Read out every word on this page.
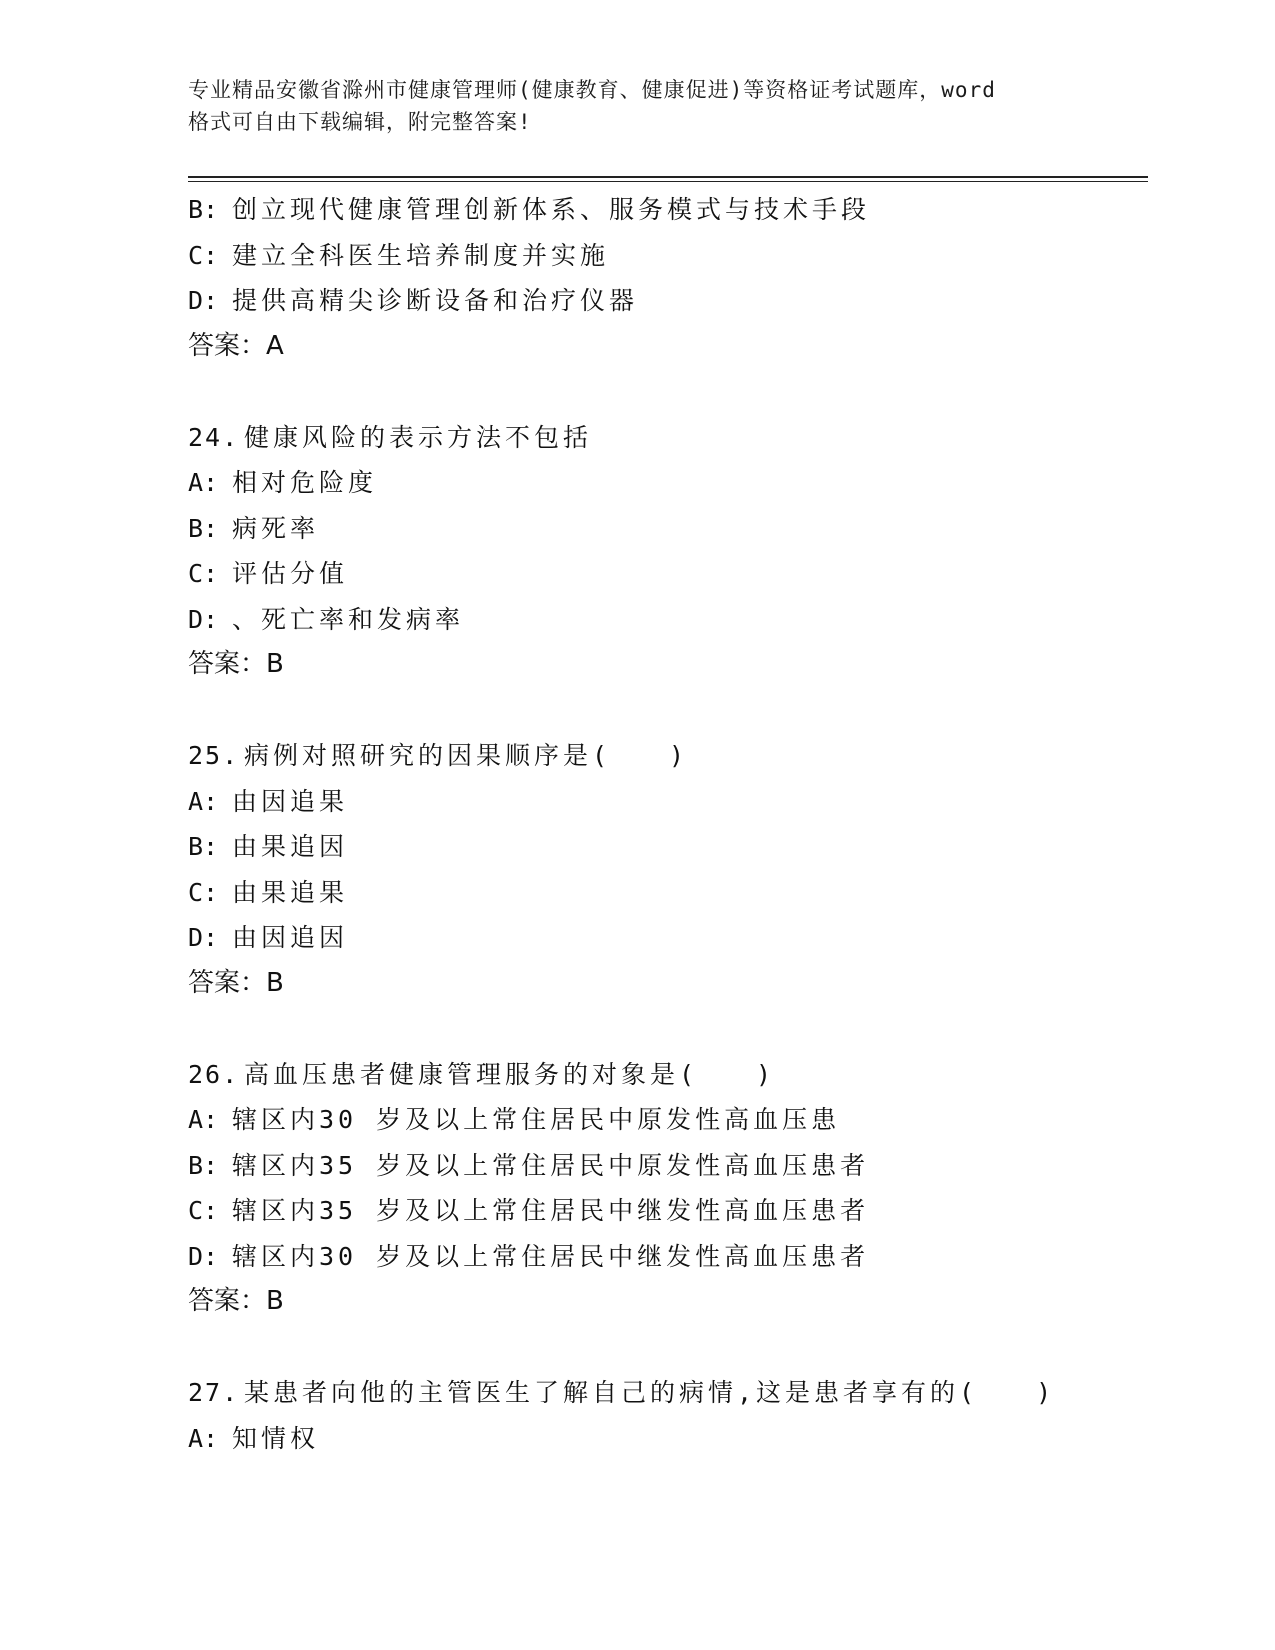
专业精品安徽省滁州市健康管理师(健康教育、健康促进)等资格证考试题库，word
格式可自由下载编辑，附完整答案!
B: 创立现代健康管理创新体系、服务模式与技术手段
C: 建立全科医生培养制度并实施
D: 提供高精尖诊断设备和治疗仪器
答案：A
24. 健康风险的表示方法不包括
A: 相对危险度
B: 病死率
C: 评估分值
D: 、死亡率和发病率
答案：B
25. 病例对照研究的因果顺序是(　　)
A: 由因追果
B: 由果追因
C: 由果追果
D: 由因追因
答案：B
26. 高血压患者健康管理服务的对象是(　　)
A: 辖区内30 岁及以上常住居民中原发性高血压患
B: 辖区内35 岁及以上常住居民中原发性高血压患者
C: 辖区内35 岁及以上常住居民中继发性高血压患者
D: 辖区内30 岁及以上常住居民中继发性高血压患者
答案：B
27. 某患者向他的主管医生了解自己的病情,这是患者享有的(　　)
A: 知情权
